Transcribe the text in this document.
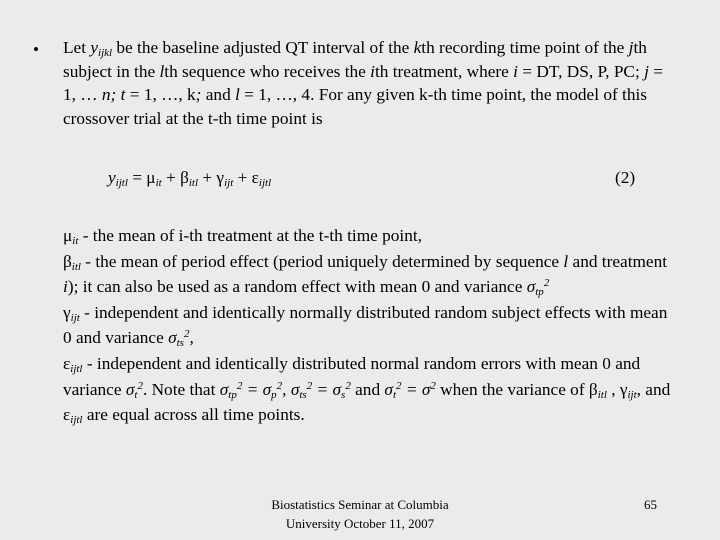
• Let $y_{ijkl}$ be the baseline adjusted QT interval of the kth recording time point of the jth subject in the lth sequence who receives the ith treatment, where i = DT, DS, P, PC; j = 1, … n; t = 1, …, k; and l = 1, …, 4. For any given k-th time point, the model of this crossover trial at the t-th time point is

$y_{ijtl} = \mu_{it} + \beta_{itl} + \gamma_{ijt} + \varepsilon_{ijtl}$	(2)

$\mu_{it}$ - the mean of i-th treatment at the t-th time point,
$\beta_{itl}$ - the mean of period effect (period uniquely determined by sequence l and treatment i); it can also be used as a random effect with mean 0 and variance $\sigma_{tp}^2$
$\gamma_{ijt}$ - independent and identically normally distributed random subject effects with mean 0 and variance $\sigma_{ts}^2$,
$\varepsilon_{ijtl}$ - independent and identically distributed normal random errors with mean 0 and variance $\sigma_t^2$. Note that $\sigma_{tp}^2 = \sigma_p^2$, $\sigma_{ts}^2 = \sigma_s^2$ and $\sigma_t^2 = \sigma^2$ when the variance of $\beta_{itl}$ , $\gamma_{ijt}$, and $\varepsilon_{ijtl}$ are equal across all time points.

Biostatistics Seminar at Columbia
University October 11, 2007
65
